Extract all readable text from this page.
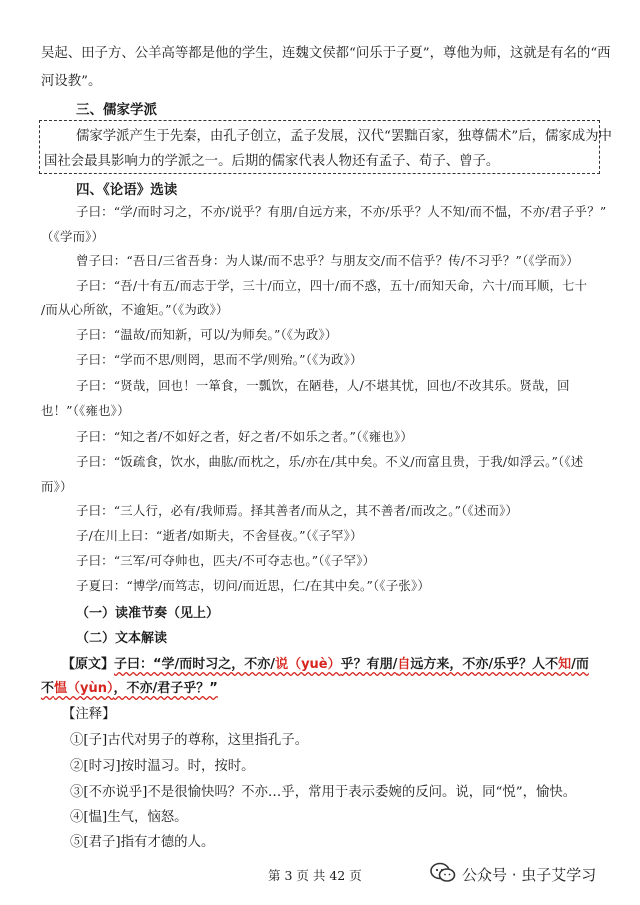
吴起、田子方、公羊高等都是他的学生，连魏文侯都“问乐于子夏”，尊他为师，这就是有名的“西
河设教”。
三、儒家学派
儒家学派产生于先秦，由孔子创立，孟子发展，汉代“罢黜百家，独尊儒术”后，儒家成为中
国社会最具影响力的学派之一。后期的儒家代表人物还有孟子、荀子、曾子。
四、《论语》选读
子曰：“学/而时习之，不亦/说乎？有朋/自远方来，不亦/乐乎？人不知/而不愠，不亦/君子乎？”
（《学而》）
曾子曰：“吾日/三省吾身：为人谋/而不忠乎？与朋友交/而不信乎？传/不习乎？”（《学而》）
子曰：“吾/十有五/而志于学，三十/而立，四十/而不惑，五十/而知天命，六十/而耳顺，七十
/而从心所欲，不逾矩。”（《为政》）
子曰：“温故/而知新，可以/为师矣。”（《为政》）
子曰：“学而不思/则罔，思而不学/则殆。”（《为政》）
子曰：“贤哉，回也！一箪食，一瓢饮，在陋巷，人/不堪其忧，回也/不改其乐。贤哉，回
也！”（《雍也》）
子曰：“知之者/不如好之者，好之者/不如乐之者。”（《雍也》）
子曰：“饭疏食，饮水，曲肱/而枕之，乐/亦在/其中矣。不义/而富且贵，于我/如浮云。”（《述
而》）
子曰：“三人行，必有/我师焉。择其善者/而从之，其不善者/而改之。”（《述而》）
子/在川上曰：“逝者/如斯夫，不舍昼夜。”（《子罕》）
子曰：“三军/可夺帅也，匹夫/不可夺志也。”（《子罕》）
子夏曰：“博学/而笃志，切问/而近思，仁/在其中矣。”（《子张》）
（一）读准节奏（见上）
（二）文本解读
【原文】子曰：“学/而时习之，不亦/说（yuè）乎？有朋/自远方来，不亦/乐乎？人不知/而
不愠（yùn），不亦/君子乎？”
【注释】
①[子]古代对男子的尊称，这里指孔子。
②[时习]按时温习。时，按时。
③[不亦说乎]不是很愉快吗？不亦…乎，常用于表示委婉的反问。说，同“悦”，愉快。
④[愠]生气，恼怒。
⑤[君子]指有才德的人。
第 3 页 共 42 页	公众号 · 虫子艾学习
